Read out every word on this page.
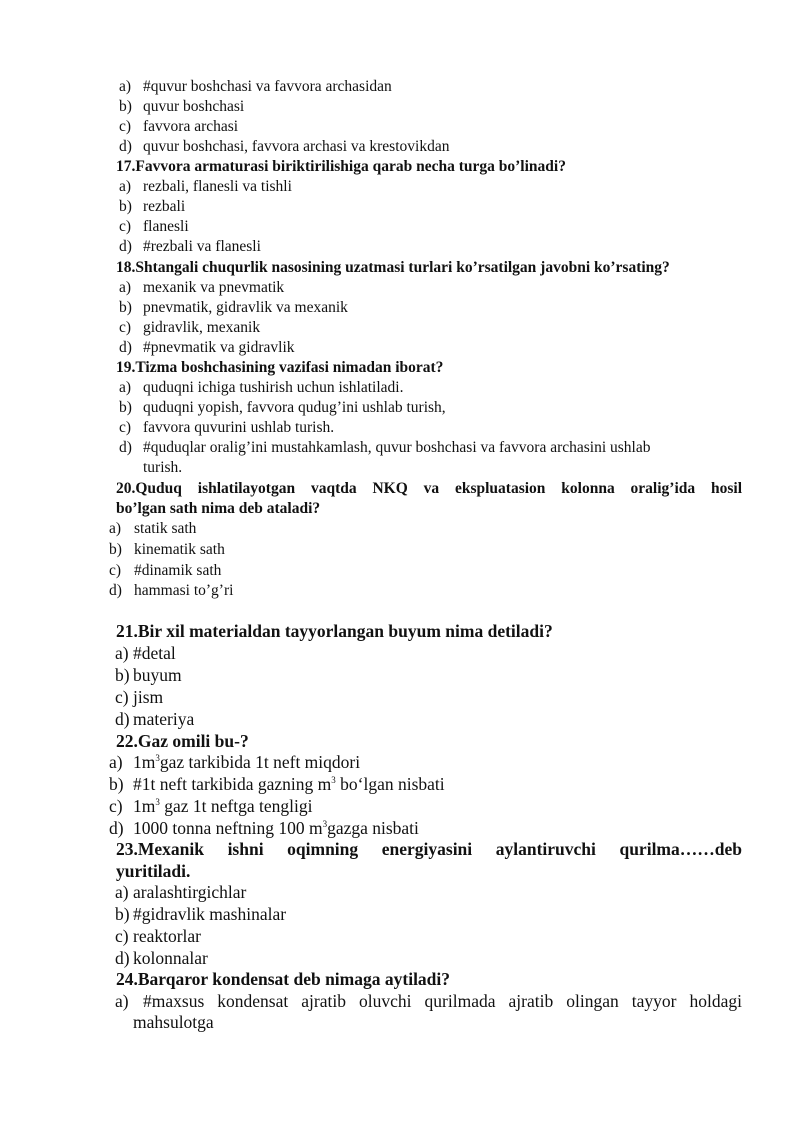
a) #quvur boshchasi va favvora archasidan
b) quvur boshchasi
c) favvora archasi
d) quvur boshchasi, favvora archasi va krestovikdan
17.Favvora armaturasi biriktirilishiga qarab necha turga bo’linadi?
a) rezbali, flanesli va tishli
b) rezbali
c) flanesli
d) #rezbali va flanesli
18.Shtangali chuqurlik nasosining uzatmasi turlari ko’rsatilgan javobni ko’rsating?
a) mexanik va pnevmatik
b) pnevmatik, gidravlik va mexanik
c) gidravlik, mexanik
d) #pnevmatik va gidravlik
19.Tizma boshchasining vazifasi nimadan iborat?
a) quduqni ichiga tushirish uchun ishlatiladi.
b) quduqni yopish, favvora qudug’ini ushlab turish,
c) favvora quvurini ushlab turish.
d) #quduqlar oralig’ini mustahkamlash, quvur boshchasi va favvora archasini ushlab
turish.
20.Quduq ishlatilayotgan vaqtda NKQ va ekspluatasion kolonna oralig’ida hosil
bo’lgan sath nima deb ataladi?
a) statik sath
b) kinematik sath
c) #dinamik sath
d) hammasi to’g’ri
21.Bir xil materialdan tayyorlangan buyum nima detiladi?
a) #detal
b) buyum
c) jism
d) materiya
22.Gaz omili bu-?
a) $1m^3gaz$ tarkibida 1t neft miqdori
b) #1t neft tarkibida gazning $m^3$ bo‘lgan nisbati
c) $1m^3$ gaz 1t neftga tengligi
d) 1000 tonna neftning 100 $m^3gazga$ nisbati
23.Mexanik ishni oqimning energiyasini aylantiruvchi qurilma……deb
yuritiladi.
a) aralashtirgichlar
b) #gidravlik mashinalar
c) reaktorlar
d) kolonnalar
24.Barqaror kondensat deb nimaga aytiladi?
a) #maxsus kondensat ajratib oluvchi qurilmada ajratib olingan tayyor holdagi
mahsulotga
